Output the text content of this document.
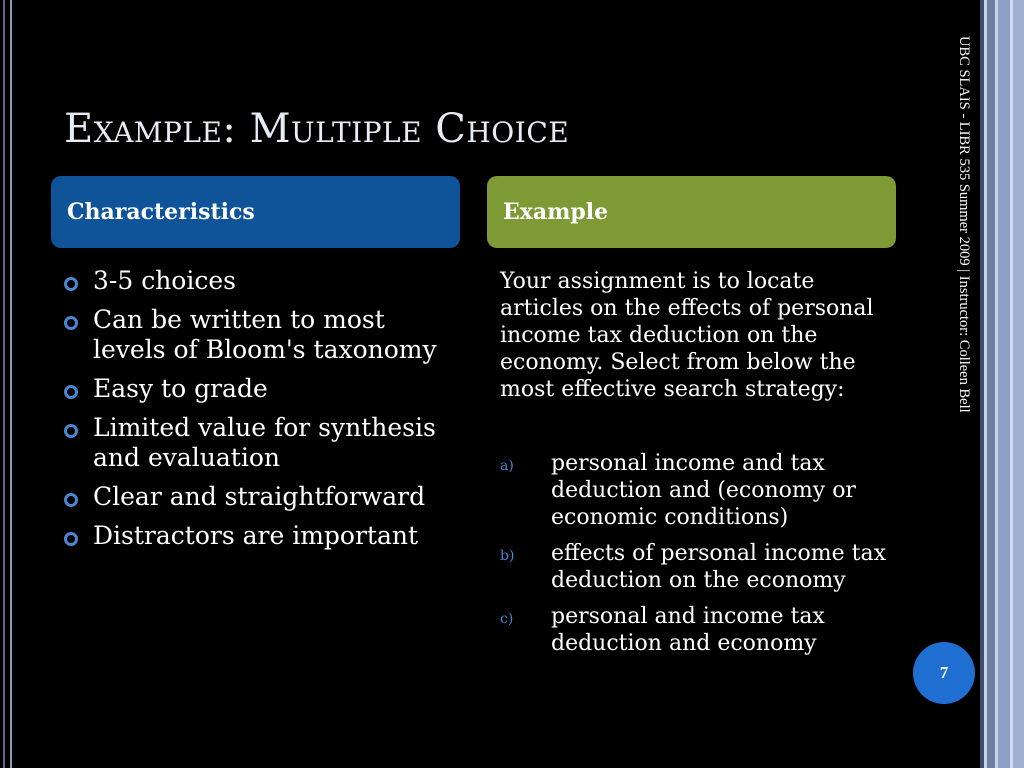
Example: Multiple Choice	UBC SLAIS - LIBR 535 Summer 2009 | Instructor: Colleen Bell
Characteristics	Example
3-5 choices
Can be written to most levels of Bloom's taxonomy
Easy to grade
Limited value for synthesis and evaluation
Clear and straightforward
Distractors are important

Your assignment is to locate articles on the effects of personal income tax deduction on the economy. Select from below the most effective search strategy:

a) personal income and tax deduction and (economy or economic conditions)
b) effects of personal income tax deduction on the economy
c) personal and income tax deduction and economy
7
